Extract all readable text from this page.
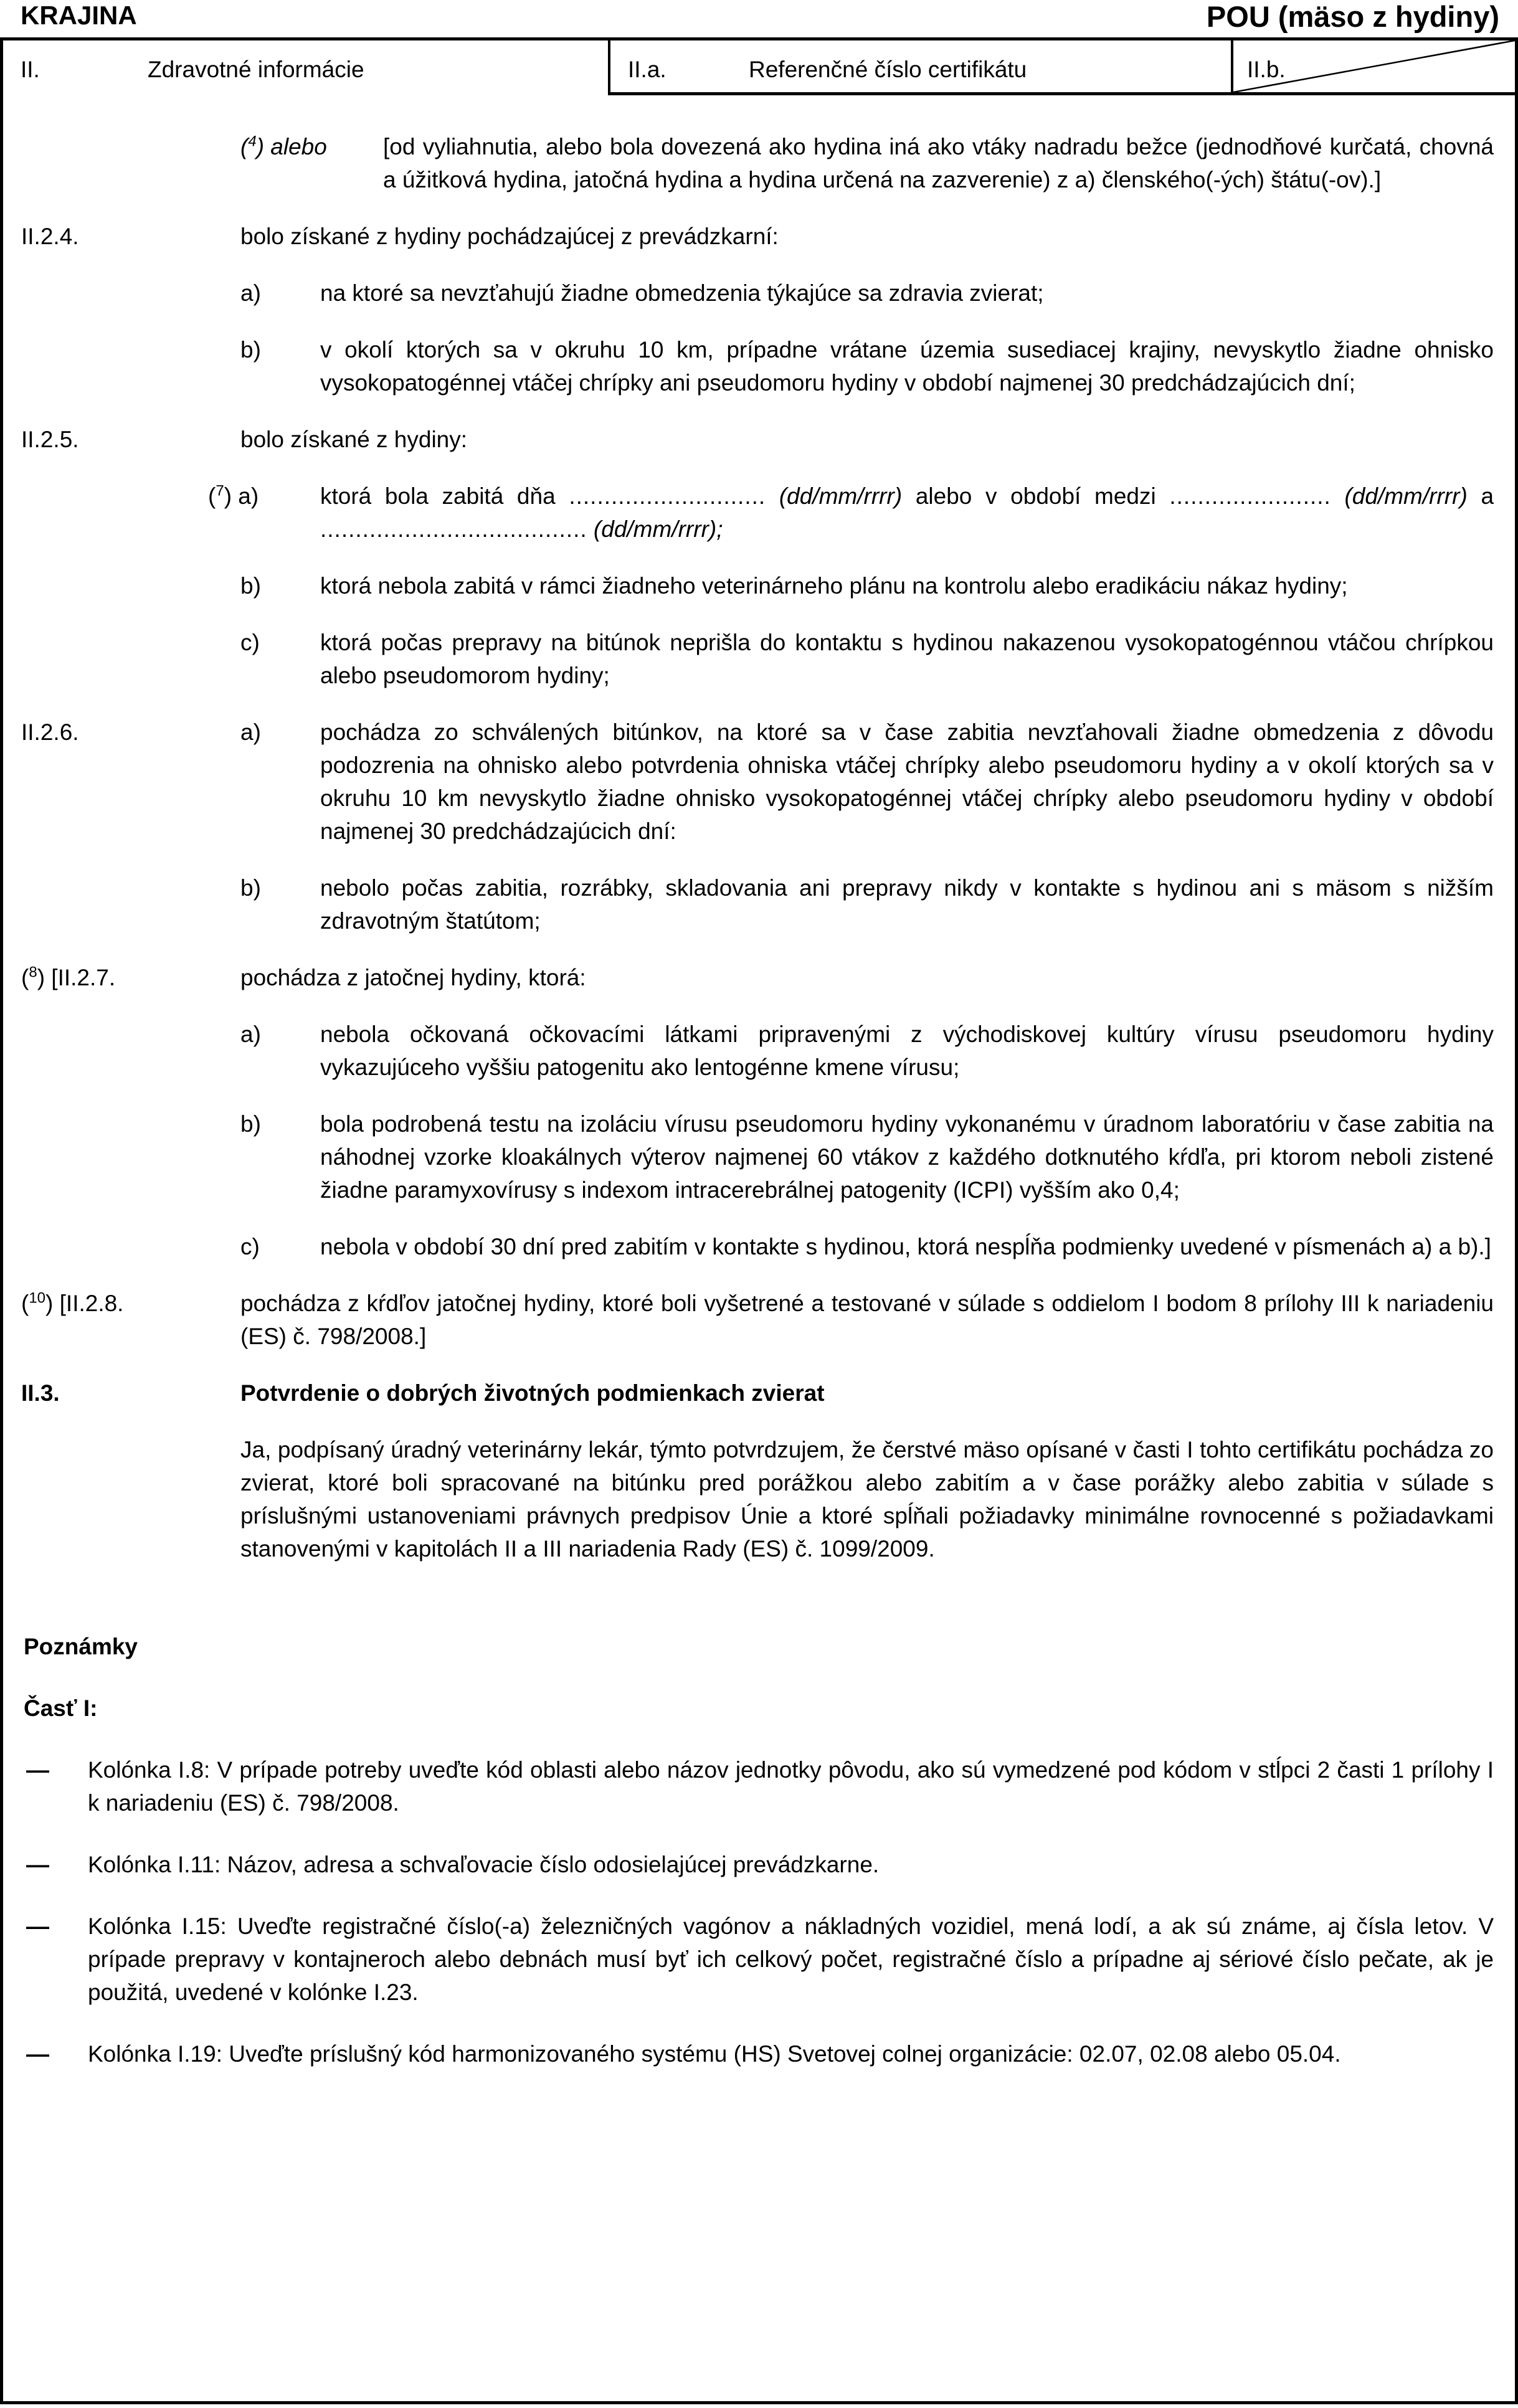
KRAJINA	POU (mäso z hydiny)
II.	Zdravotné informácie	II.a.	Referenčné číslo certifikátu	II.b.
($^4$) alebo	[od vyliahnutia, alebo bola dovezená ako hydina iná ako vtáky nadradu bežce (jednodňové kurčatá, chovná a úžitková hydina, jatočná hydina a hydina určená na zazverenie) z a) členského(-ých) štátu(-ov).]
II.2.4.	bolo získané z hydiny pochádzajúcej z prevádzkarní:
a)	na ktoré sa nevzťahujú žiadne obmedzenia týkajúce sa zdravia zvierat;
b)	v okolí ktorých sa v okruhu 10 km, prípadne vrátane územia susediacej krajiny, nevyskytlo žiadne ohnisko vysokopatogénnej vtáčej chrípky ani pseudomoru hydiny v období najmenej 30 predchádzajúcich dní;
II.2.5.	bolo získané z hydiny:
($^7$) a)	ktorá bola zabitá dňa ............................ (dd/mm/rrrr) alebo v období medzi ....................... (dd/mm/rrrr) a ...................................... (dd/mm/rrrr);
b)	ktorá nebola zabitá v rámci žiadneho veterinárneho plánu na kontrolu alebo eradikáciu nákaz hydiny;
c)	ktorá počas prepravy na bitúnok neprišla do kontaktu s hydinou nakazenou vysokopatogénnou vtáčou chrípkou alebo pseudomorom hydiny;
II.2.6.	a)	pochádza zo schválených bitúnkov, na ktoré sa v čase zabitia nevzťahovali žiadne obmedzenia z dôvodu podozrenia na ohnisko alebo potvrdenia ohniska vtáčej chrípky alebo pseudomoru hydiny a v okolí ktorých sa v okruhu 10 km nevyskytlo žiadne ohnisko vysokopatogénnej vtáčej chrípky alebo pseudomoru hydiny v období najmenej 30 predchádzajúcich dní:
b)	nebolo počas zabitia, rozrábky, skladovania ani prepravy nikdy v kontakte s hydinou ani s mäsom s nižším zdravotným štatútom;
($^8$) [II.2.7.	pochádza z jatočnej hydiny, ktorá:
a)	nebola očkovaná očkovacími látkami pripravenými z východiskovej kultúry vírusu pseudomoru hydiny vykazujúceho vyššiu patogenitu ako lentogénne kmene vírusu;
b)	bola podrobená testu na izoláciu vírusu pseudomoru hydiny vykonanému v úradnom laboratóriu v čase zabitia na náhodnej vzorke kloakálnych výterov najmenej 60 vtákov z každého dotknutého kŕdľa, pri ktorom neboli zistené žiadne paramyxovírusy s indexom intracerebrálnej patogenity (ICPI) vyšším ako 0,4;
c)	nebola v období 30 dní pred zabitím v kontakte s hydinou, ktorá nespĺňa podmienky uvedené v písmenách a) a b).]
($^{10}$) [II.2.8.	pochádza z kŕdľov jatočnej hydiny, ktoré boli vyšetrené a testované v súlade s oddielom I bodom 8 prílohy III k nariadeniu (ES) č. 798/2008.]
II.3.	Potvrdenie o dobrých životných podmienkach zvierat
Ja, podpísaný úradný veterinárny lekár, týmto potvrdzujem, že čerstvé mäso opísané v časti I tohto certifikátu pochádza zo zvierat, ktoré boli spracované na bitúnku pred porážkou alebo zabitím a v čase porážky alebo zabitia v súlade s príslušnými ustanoveniami právnych predpisov Únie a ktoré spĺňali požiadavky minimálne rovnocenné s požiadavkami stanovenými v kapitolách II a III nariadenia Rady (ES) č. 1099/2009.
Poznámky
Časť I:
—	Kolónka I.8: V prípade potreby uveďte kód oblasti alebo názov jednotky pôvodu, ako sú vymedzené pod kódom v stĺpci 2 časti 1 prílohy I k nariadeniu (ES) č. 798/2008.
—	Kolónka I.11: Názov, adresa a schvaľovacie číslo odosielajúcej prevádzkarne.
—	Kolónka I.15: Uveďte registračné číslo(-a) železničných vagónov a nákladných vozidiel, mená lodí, a ak sú známe, aj čísla letov. V prípade prepravy v kontajneroch alebo debnách musí byť ich celkový počet, registračné číslo a prípadne aj sériové číslo pečate, ak je použitá, uvedené v kolónke I.23.
—	Kolónka I.19: Uveďte príslušný kód harmonizovaného systému (HS) Svetovej colnej organizácie: 02.07, 02.08 alebo 05.04.
